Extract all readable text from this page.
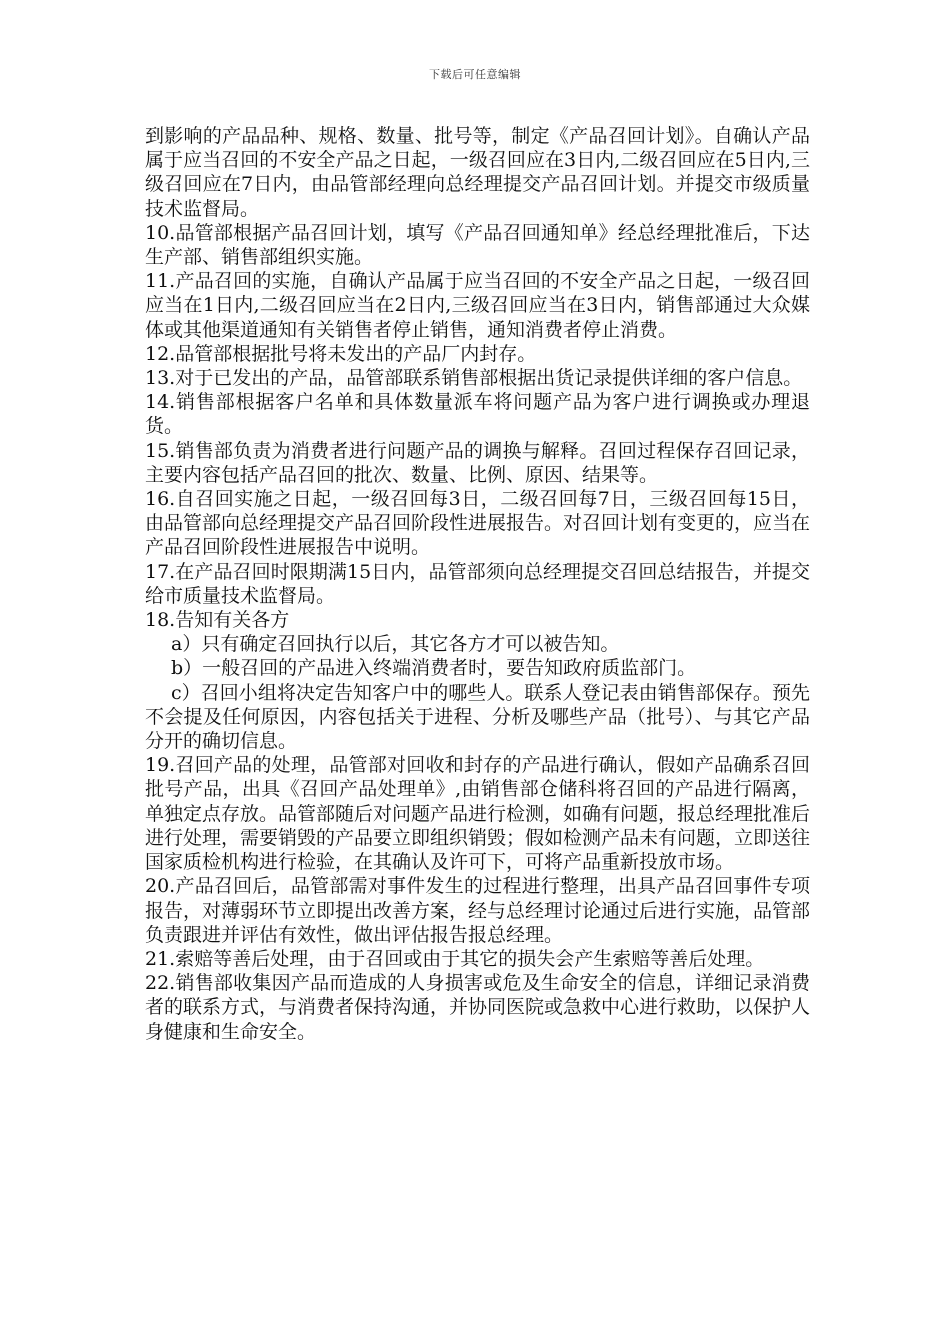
下载后可任意编辑

到影响的产品品种、规格、数量、批号等，制定《产品召回计划》。自确认产品属于应当召回的不安全产品之日起，一级召回应在3日内,二级召回应在5日内,三级召回应在7日内，由品管部经理向总经理提交产品召回计划。并提交市级质量技术监督局。

10.品管部根据产品召回计划，填写《产品召回通知单》经总经理批准后，下达生产部、销售部组织实施。

11.产品召回的实施，自确认产品属于应当召回的不安全产品之日起，一级召回应当在1日内,二级召回应当在2日内,三级召回应当在3日内，销售部通过大众媒体或其他渠道通知有关销售者停止销售，通知消费者停止消费。

12.品管部根据批号将未发出的产品厂内封存。

13.对于已发出的产品，品管部联系销售部根据出货记录提供详细的客户信息。

14.销售部根据客户名单和具体数量派车将问题产品为客户进行调换或办理退货。

15.销售部负责为消费者进行问题产品的调换与解释。召回过程保存召回记录，主要内容包括产品召回的批次、数量、比例、原因、结果等。

16.自召回实施之日起，一级召回每3日，二级召回每7日，三级召回每15日，由品管部向总经理提交产品召回阶段性进展报告。对召回计划有变更的，应当在产品召回阶段性进展报告中说明。

17.在产品召回时限期满15日内，品管部须向总经理提交召回总结报告，并提交给市质量技术监督局。

18.告知有关各方

a）只有确定召回执行以后，其它各方才可以被告知。

b）一般召回的产品进入终端消费者时，要告知政府质监部门。

c）召回小组将决定告知客户中的哪些人。联系人登记表由销售部保存。预先不会提及任何原因，内容包括关于进程、分析及哪些产品（批号）、与其它产品分开的确切信息。

19.召回产品的处理，品管部对回收和封存的产品进行确认，假如产品确系召回批号产品，出具《召回产品处理单》,由销售部仓储科将召回的产品进行隔离，单独定点存放。品管部随后对问题产品进行检测，如确有问题，报总经理批准后进行处理，需要销毁的产品要立即组织销毁；假如检测产品未有问题，立即送往国家质检机构进行检验，在其确认及许可下，可将产品重新投放市场。

20.产品召回后，品管部需对事件发生的过程进行整理，出具产品召回事件专项报告，对薄弱环节立即提出改善方案，经与总经理讨论通过后进行实施，品管部负责跟进并评估有效性，做出评估报告报总经理。

21.索赔等善后处理，由于召回或由于其它的损失会产生索赔等善后处理。

22.销售部收集因产品而造成的人身损害或危及生命安全的信息，详细记录消费者的联系方式，与消费者保持沟通，并协同医院或急救中心进行救助，以保护人身健康和生命安全。
